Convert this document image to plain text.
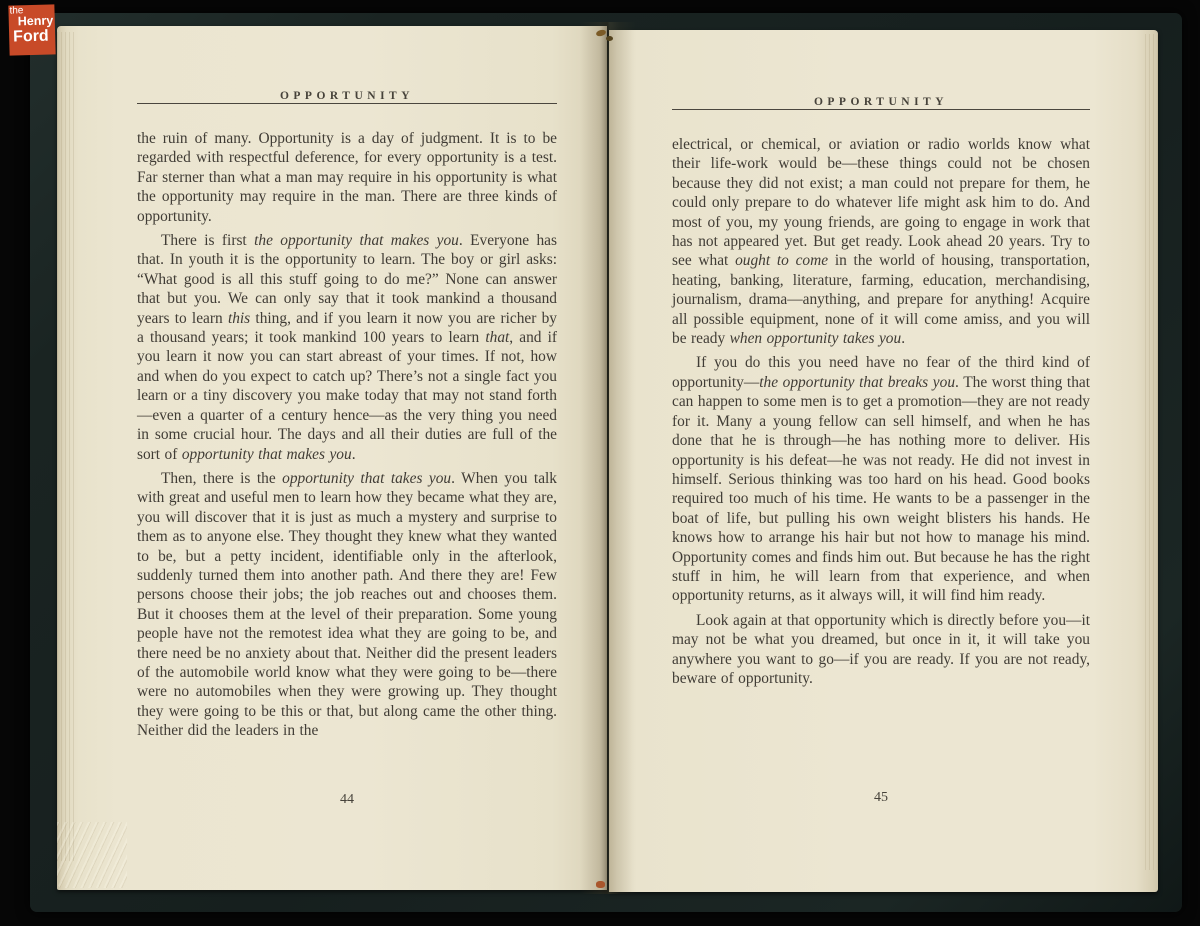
OPPORTUNITY

the ruin of many. Opportunity is a day of judgment. It is to be regarded with respectful deference, for every opportunity is a test. Far sterner than what a man may require in his opportunity is what the opportunity may require in the man. There are three kinds of opportunity.

There is first the opportunity that makes you. Everyone has that. In youth it is the opportunity to learn. The boy or girl asks: “What good is all this stuff going to do me?” None can answer that but you. We can only say that it took mankind a thousand years to learn this thing, and if you learn it now you are richer by a thousand years; it took mankind 100 years to learn that, and if you learn it now you can start abreast of your times. If not, how and when do you expect to catch up? There’s not a single fact you learn or a tiny discovery you make today that may not stand forth—even a quarter of a century hence—as the very thing you need in some crucial hour. The days and all their duties are full of the sort of opportunity that makes you.

Then, there is the opportunity that takes you. When you talk with great and useful men to learn how they became what they are, you will discover that it is just as much a mystery and surprise to them as to anyone else. They thought they knew what they wanted to be, but a petty incident, identifiable only in the afterlook, suddenly turned them into another path. And there they are! Few persons choose their jobs; the job reaches out and chooses them. But it chooses them at the level of their preparation. Some young people have not the remotest idea what they are going to be, and there need be no anxiety about that. Neither did the present leaders of the automobile world know what they were going to be—there were no automobiles when they were growing up. They thought they were going to be this or that, but along came the other thing. Neither did the leaders in the

44
OPPORTUNITY

electrical, or chemical, or aviation or radio worlds know what their life-work would be—these things could not be chosen because they did not exist; a man could not prepare for them, he could only prepare to do whatever life might ask him to do. And most of you, my young friends, are going to engage in work that has not appeared yet. But get ready. Look ahead 20 years. Try to see what ought to come in the world of housing, transportation, heating, banking, literature, farming, education, merchandising, journalism, drama—anything, and prepare for anything! Acquire all possible equipment, none of it will come amiss, and you will be ready when opportunity takes you.

If you do this you need have no fear of the third kind of opportunity—the opportunity that breaks you. The worst thing that can happen to some men is to get a promotion—they are not ready for it. Many a young fellow can sell himself, and when he has done that he is through—he has nothing more to deliver. His opportunity is his defeat—he was not ready. He did not invest in himself. Serious thinking was too hard on his head. Good books required too much of his time. He wants to be a passenger in the boat of life, but pulling his own weight blisters his hands. He knows how to arrange his hair but not how to manage his mind. Opportunity comes and finds him out. But because he has the right stuff in him, he will learn from that experience, and when opportunity returns, as it always will, it will find him ready.

Look again at that opportunity which is directly before you—it may not be what you dreamed, but once in it, it will take you anywhere you want to go—if you are ready. If you are not ready, beware of opportunity.

45
the
Henry
Ford
